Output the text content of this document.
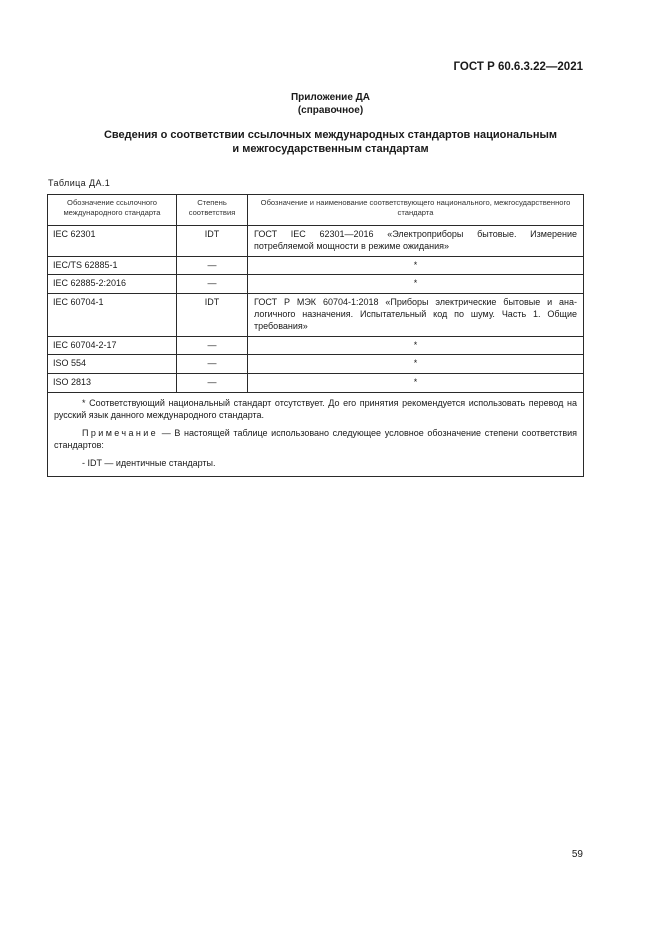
ГОСТ Р 60.6.3.22—2021
Приложение ДА
(справочное)
Сведения о соответствии ссылочных международных стандартов национальным
и межгосударственным стандартам
Таблица ДА.1
Обозначение ссылочного международного стандарта	Степень соответствия	Обозначение и наименование соответствующего национального, межгосударственного стандарта
IEC 62301	IDT	ГОСТ IEC 62301—2016 «Электроприборы бытовые. Измерение потребляемой мощности в режиме ожидания»
IEC/TS 62885-1	—	*
IEC 62885-2:2016	—	*
IEC 60704-1	IDT	ГОСТ Р МЭК 60704-1:2018 «Приборы электрические бытовые и аналогичного назначения. Испытательный код по шуму. Часть 1. Общие требования»
IEC 60704-2-17	—	*
ISO 554	—	*
ISO 2813	—	*

* Соответствующий национальный стандарт отсутствует. До его принятия рекомендуется использовать перевод на русский язык данного международного стандарта.

Примечание — В настоящей таблице использовано следующее условное обозначение степени соответствия стандартов:

- IDT — идентичные стандарты.		

59
